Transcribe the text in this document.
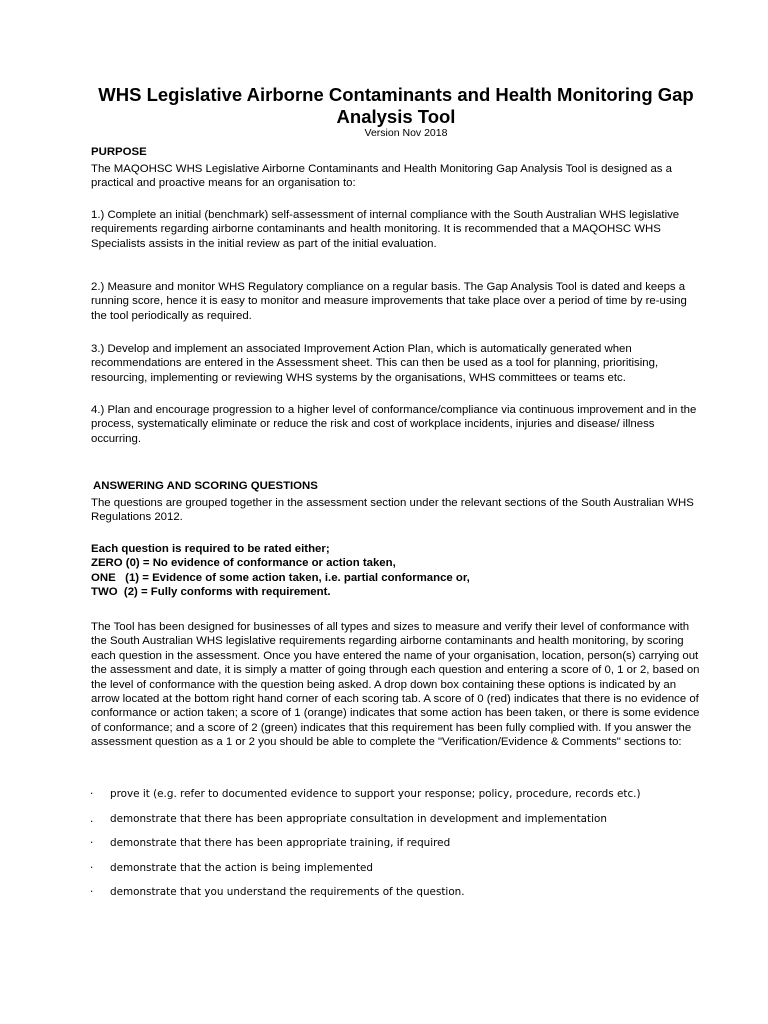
WHS Legislative Airborne Contaminants and Health Monitoring Gap Analysis Tool
Version Nov 2018
PURPOSE

The MAQOHSC WHS Legislative Airborne Contaminants and Health Monitoring Gap Analysis Tool is designed as a practical and proactive means for an organisation to:

1.) Complete an initial (benchmark) self-assessment of internal compliance with the South Australian WHS legislative requirements regarding airborne contaminants and health monitoring. It is recommended that a MAQOHSC WHS Specialists assists in the initial review as part of the initial evaluation.

2.) Measure and monitor WHS Regulatory compliance on a regular basis. The Gap Analysis Tool is dated and keeps a running score, hence it is easy to monitor and measure improvements that take place over a period of time by re-using the tool periodically as required.

3.) Develop and implement an associated Improvement Action Plan, which is automatically generated when recommendations are entered in the Assessment sheet. This can then be used as a tool for planning, prioritising, resourcing, implementing or reviewing WHS systems by the organisations, WHS committees or teams etc.

4.) Plan and encourage progression to a higher level of conformance/compliance via continuous improvement and in the process, systematically eliminate or reduce the risk and cost of workplace incidents, injuries and disease/ illness occurring.

ANSWERING AND SCORING QUESTIONS

The questions are grouped together in the assessment section under the relevant sections of the South Australian WHS Regulations 2012.

Each question is required to be rated either;
ZERO (0) = No evidence of conformance or action taken,
ONE   (1) = Evidence of some action taken, i.e. partial conformance or,
TWO  (2) = Fully conforms with requirement.

The Tool has been designed for businesses of all types and sizes to measure and verify their level of conformance with the South Australian WHS legislative requirements regarding airborne contaminants and health monitoring, by scoring each question in the assessment. Once you have entered the name of your organisation, location, person(s) carrying out the assessment and date, it is simply a matter of going through each question and entering a score of 0, 1 or 2, based on the level of conformance with the question being asked. A drop down box containing these options is indicated by an arrow located at the bottom right hand corner of each scoring tab. A score of 0 (red) indicates that there is no evidence of conformance or action taken; a score of 1 (orange) indicates that some action has been taken, or there is some evidence of conformance; and a score of 2 (green) indicates that this requirement has been fully complied with. If you answer the assessment question as a 1 or 2 you should be able to complete the "Verification/Evidence & Comments" sections to:

·	prove it (e.g. refer to documented evidence to support your response; policy, procedure, records etc.)
.	demonstrate that there has been appropriate consultation in development and implementation
·	demonstrate that there has been appropriate training, if required
·	demonstrate that the action is being implemented
·	demonstrate that you understand the requirements of the question.
